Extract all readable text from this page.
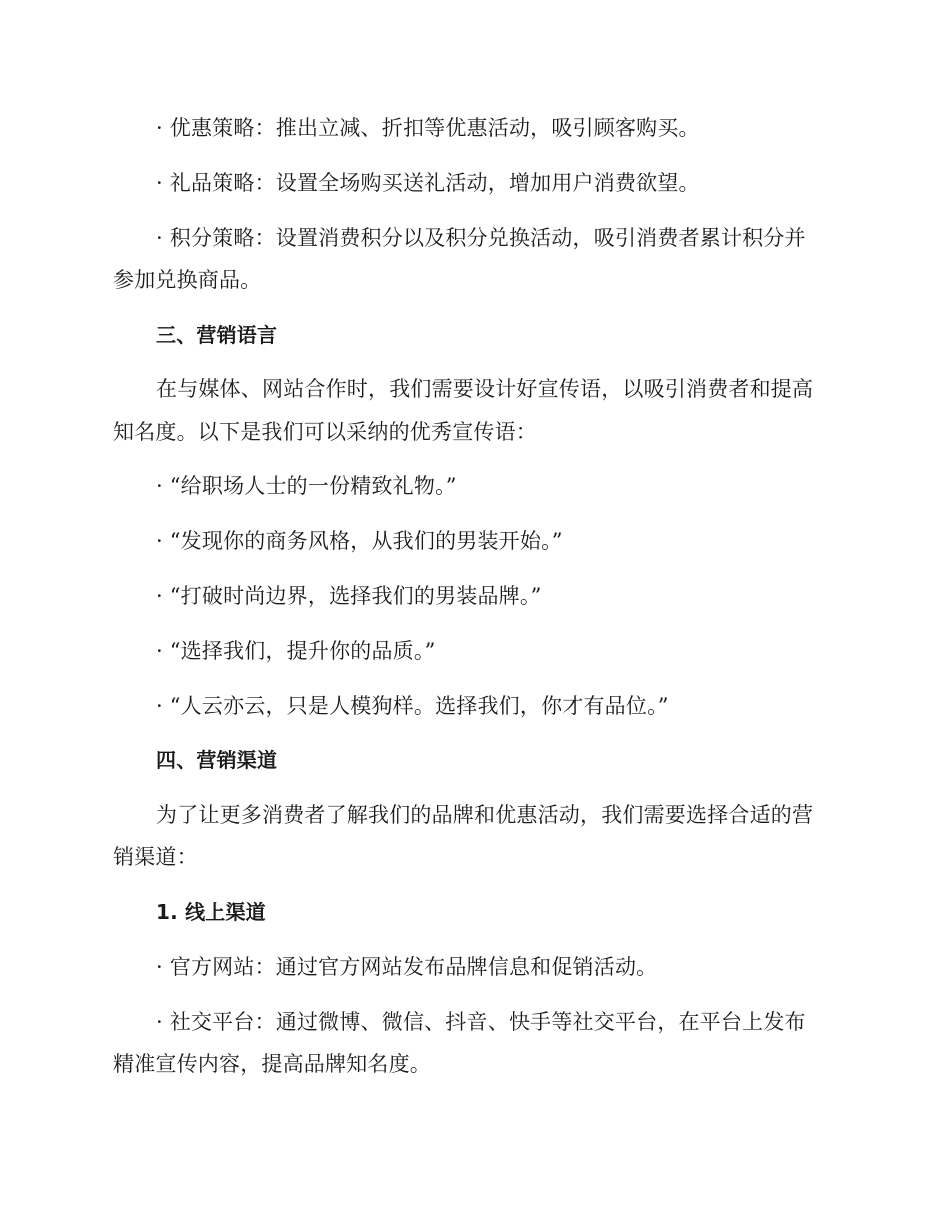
· 优惠策略：推出立减、折扣等优惠活动，吸引顾客购买。
· 礼品策略：设置全场购买送礼活动，增加用户消费欲望。
· 积分策略：设置消费积分以及积分兑换活动，吸引消费者累计积分并
参加兑换商品。
三、营销语言
在与媒体、网站合作时，我们需要设计好宣传语，以吸引消费者和提高
知名度。以下是我们可以采纳的优秀宣传语：
· “给职场人士的一份精致礼物。”
· “发现你的商务风格，从我们的男装开始。”
· “打破时尚边界，选择我们的男装品牌。”
· “选择我们，提升你的品质。”
· “人云亦云，只是人模狗样。选择我们，你才有品位。”
四、营销渠道
为了让更多消费者了解我们的品牌和优惠活动，我们需要选择合适的营
销渠道：
1. 线上渠道
· 官方网站：通过官方网站发布品牌信息和促销活动。
· 社交平台：通过微博、微信、抖音、快手等社交平台，在平台上发布
精准宣传内容，提高品牌知名度。
